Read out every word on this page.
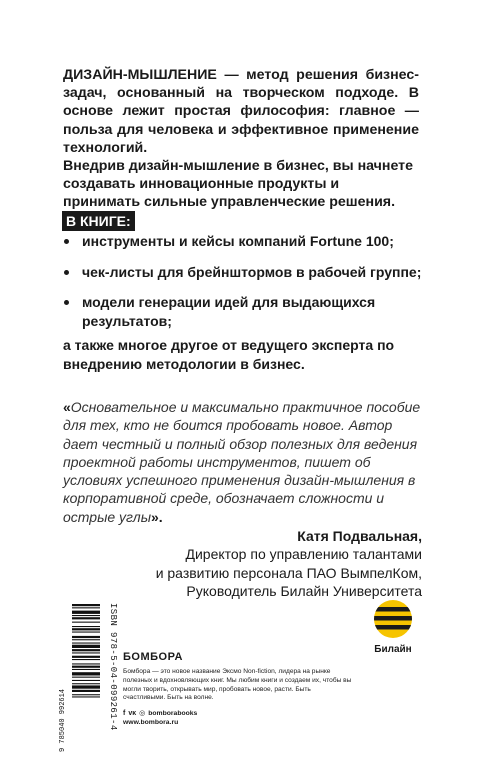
ДИЗАЙН-МЫШЛЕНИЕ — метод решения бизнес-задач, основанный на творческом подходе. В основе лежит простая философия: главное — польза для человека и эффективное применение технологий.

Внедрив дизайн-мышление в бизнес, вы начнете создавать инновационные продукты и принимать сильные управленческие решения.

В КНИГЕ:
инструменты и кейсы компаний Fortune 100;
чек-листы для брейнштормов в рабочей группе;
модели генерации идей для выдающихся результатов;

а также многое другое от ведущего эксперта по внедрению методологии в бизнес.

«Основательное и максимально практичное пособие для тех, кто не боится пробовать новое. Автор дает честный и полный обзор полезных для ведения проектной работы инструментов, пишет об условиях успешного применения дизайн-мышления в корпоративной среде, обозначает сложности и острые углы».

Катя Подвальная,
Директор по управлению талантами
и развитию персонала ПАО ВымпелКом,
Руководитель Билайн Университета
9 785040 992614	ISBN 978-5-04-099261-4 БОМБОРА

Бомбора — это новое название Эксмо Non-fiction, лидера на рынке полезных и вдохновляющих книг. Мы любим книги и создаем их, чтобы вы могли творить, открывать мир, пробовать новое, расти. Быть счастливыми. Быть на волне.

f ᴠᴋ ◎ bomborabooks
www.bombora.ru
Билайн
